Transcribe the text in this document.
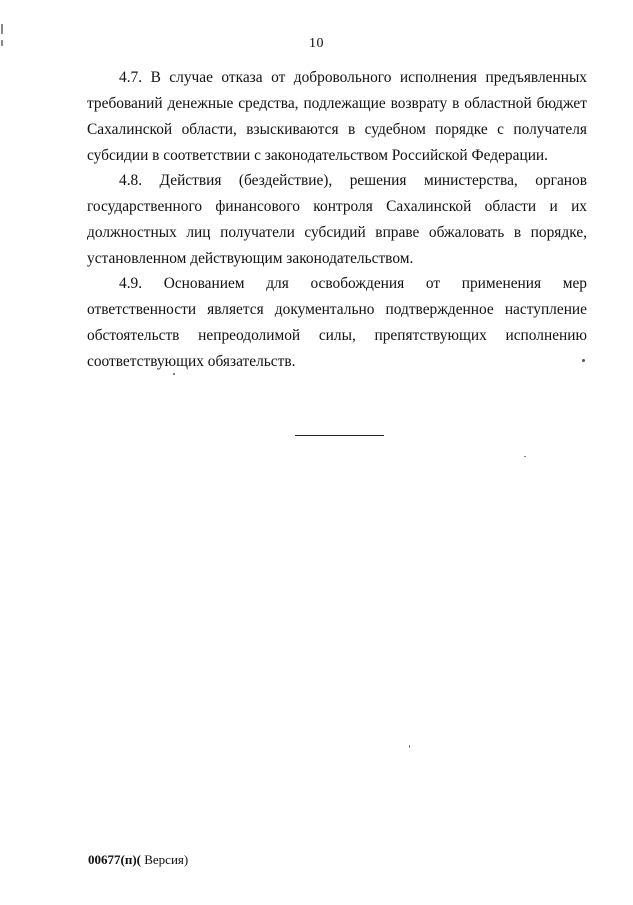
10

4.7. В случае отказа от добровольного исполнения предъявленных требований денежные средства, подлежащие возврату в областной бюджет Сахалинской области, взыскиваются в судебном порядке с получателя субсидии в соответствии с законодательством Российской Федерации.

4.8. Действия (бездействие), решения министерства, органов государственного финансового контроля Сахалинской области и их должностных лиц получатели субсидий вправе обжаловать в порядке, установленном действующим законодательством.

4.9. Основанием для освобождения от применения мер ответственности является документально подтвержденное наступление обстоятельств непреодолимой силы, препятствующих исполнению соответствующих обязательств.

00677(п)( Версия)
